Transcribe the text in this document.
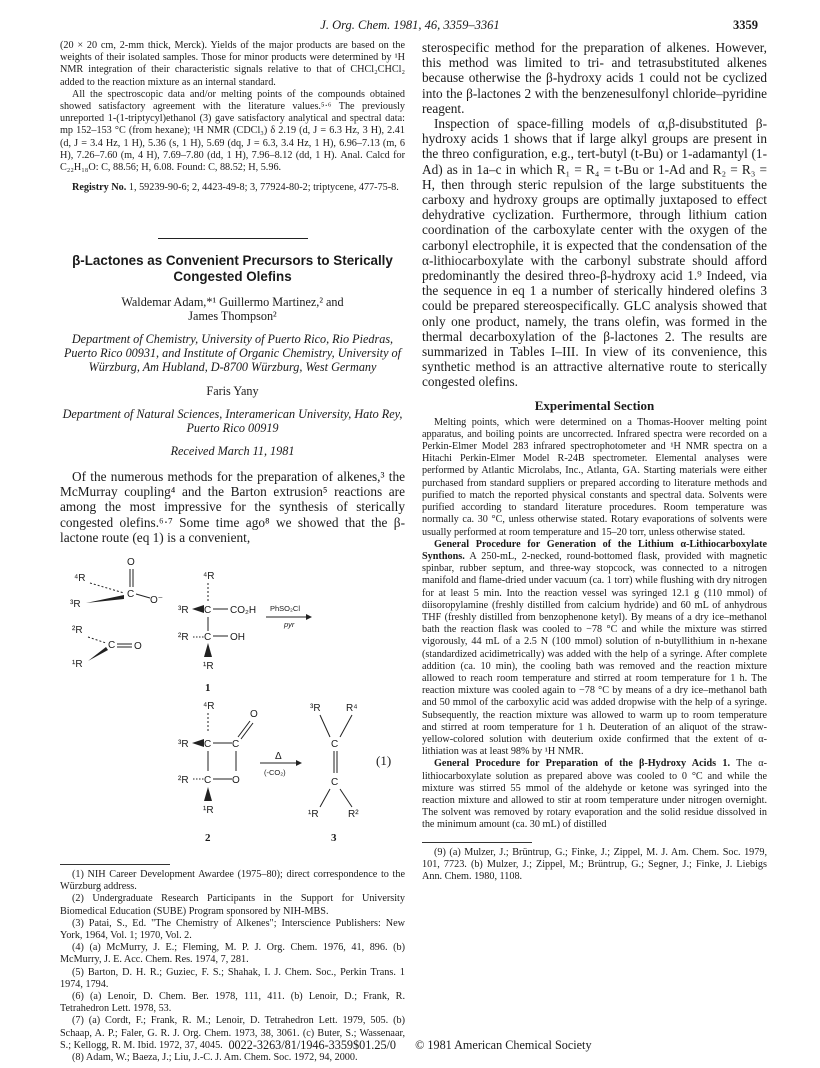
J. Org. Chem. 1981, 46, 3359–3361	3359

(20 × 20 cm, 2-mm thick, Merck). Yields of the major products are based on the weights of their isolated samples. Those for minor products were determined by ¹H NMR integration of their characteristic signals relative to that of CHCl₂CHCl₂ added to the reaction mixture as an internal standard.

All the spectroscopic data and/or melting points of the compounds obtained showed satisfactory agreement with the literature values.⁵·⁶ The previously unreported 1-(1-triptycyl)ethanol (3) gave satisfactory analytical and spectral data: mp 152–153 °C (from hexane); ¹H NMR (CDCl₃) δ 2.19 (d, J = 6.3 Hz, 3 H), 2.41 (d, J = 3.4 Hz, 1 H), 5.36 (s, 1 H), 5.69 (dq, J = 6.3, 3.4 Hz, 1 H), 6.96–7.13 (m, 6 H), 7.26–7.60 (m, 4 H), 7.69–7.80 (dd, 1 H), 7.96–8.12 (dd, 1 H). Anal. Calcd for C₂₂H₁₈O: C, 88.56; H, 6.08. Found: C, 88.52; H, 5.96.

Registry No. 1, 59239-90-6; 2, 4423-49-8; 3, 77924-80-2; triptycene, 477-75-8.

β-Lactones as Convenient Precursors to Sterically Congested Olefins
Waldemar Adam,*¹ Guillermo Martinez,² and
James Thompson²
Department of Chemistry, University of Puerto Rico, Rio Piedras, Puerto Rico 00931, and Institute of Organic Chemistry, University of Würzburg, Am Hubland, D-8700 Würzburg, West Germany
Faris Yany
Department of Natural Sciences, Interamerican University, Hato Rey, Puerto Rico 00919
Received March 11, 1981

Of the numerous methods for the preparation of alkenes,³ the McMurray coupling⁴ and the Barton extrusion⁵ reactions are among the most impressive for the synthesis of sterically congested olefins.⁶·⁷ Some time ago⁸ we showed that the β-lactone route (eq 1) is a convenient,

O
C
⁴R
O⁻
³R
²R
C O
¹R
⁴R
³R C CO₂H PhSO₂Cl
pyr
²R C OH
¹R
1
⁴R
³R C C
O
²R C O
¹R
2
Δ
(-CO₂)
³R	R⁴
C
C
¹R	R²
3
(1)

(1) NIH Career Development Awardee (1975–80); direct correspondence to the Würzburg address.

(2) Undergraduate Research Participants in the Support for University Biomedical Education (SUBE) Program sponsored by NIH-MBS.

(3) Patai, S., Ed. "The Chemistry of Alkenes"; Interscience Publishers: New York, 1964, Vol. 1; 1970, Vol. 2.

(4) (a) McMurry, J. E.; Fleming, M. P. J. Org. Chem. 1976, 41, 896. (b) McMurry, J. E. Acc. Chem. Res. 1974, 7, 281.

(5) Barton, D. H. R.; Guziec, F. S.; Shahak, I. J. Chem. Soc., Perkin Trans. 1 1974, 1794.

(6) (a) Lenoir, D. Chem. Ber. 1978, 111, 411. (b) Lenoir, D.; Frank, R. Tetrahedron Lett. 1978, 53.

(7) (a) Cordt, F.; Frank, R. M.; Lenoir, D. Tetrahedron Lett. 1979, 505. (b) Schaap, A. P.; Faler, G. R. J. Org. Chem. 1973, 38, 3061. (c) Buter, S.; Wassenaar, S.; Kellogg, R. M. Ibid. 1972, 37, 4045.

(8) Adam, W.; Baeza, J.; Liu, J.-C. J. Am. Chem. Soc. 1972, 94, 2000.

sterospecific method for the preparation of alkenes. However, this method was limited to tri- and tetrasubstituted alkenes because otherwise the β-hydroxy acids 1 could not be cyclized into the β-lactones 2 with the benzenesulfonyl chloride–pyridine reagent.

Inspection of space-filling models of α,β-disubstituted β-hydroxy acids 1 shows that if large alkyl groups are present in the threo configuration, e.g., tert-butyl (t-Bu) or 1-adamantyl (1-Ad) as in 1a–c in which R₁ = R₄ = t-Bu or 1-Ad and R₂ = R₃ = H, then through steric repulsion of the large substituents the carboxy and hydroxy groups are optimally juxtaposed to effect dehydrative cyclization. Furthermore, through lithium cation coordination of the carboxylate center with the oxygen of the carbonyl electrophile, it is expected that the condensation of the α-lithiocarboxylate with the carbonyl substrate should afford predominantly the desired threo-β-hydroxy acid 1.⁹ Indeed, via the sequence in eq 1 a number of sterically hindered olefins 3 could be prepared stereospecifically. GLC analysis showed that only one product, namely, the trans olefin, was formed in the thermal decarboxylation of the β-lactones 2. The results are summarized in Tables I–III. In view of its convenience, this synthetic method is an attractive alternative route to sterically congested olefins.

Experimental Section

Melting points, which were determined on a Thomas-Hoover melting point apparatus, and boiling points are uncorrected. Infrared spectra were recorded on a Perkin-Elmer Model 283 infrared spectrophotometer and ¹H NMR spectra on a Hitachi Perkin-Elmer Model R-24B spectrometer. Elemental analyses were performed by Atlantic Microlabs, Inc., Atlanta, GA. Starting materials were either purchased from standard suppliers or prepared according to literature methods and purified to match the reported physical constants and spectral data. Solvents were purified according to standard literature procedures. Room temperature was normally ca. 30 °C, unless otherwise stated. Rotary evaporations of solvents were usually performed at room temperature and 15–20 torr, unless otherwise stated.

General Procedure for Generation of the Lithium α-Lithiocarboxylate Synthons. A 250-mL, 2-necked, round-bottomed flask, provided with magnetic spinbar, rubber septum, and three-way stopcock, was connected to a nitrogen manifold and flame-dried under vacuum (ca. 1 torr) while flushing with dry nitrogen for at least 5 min. Into the reaction vessel was syringed 12.1 g (110 mmol) of diisoropylamine (freshly distilled from calcium hydride) and 60 mL of anhydrous THF (freshly distilled from benzophenone ketyl). By means of a dry ice–methanol bath the reaction flask was cooled to −78 °C and while the mixture was stirred vigorously, 44 mL of a 2.5 N (100 mmol) solution of n-butyllithium in n-hexane (standardized acidimetrically) was added with the help of a syringe. After complete addition (ca. 10 min), the cooling bath was removed and the reaction mixture allowed to reach room temperature and stirred at room temperature for 1 h. The reaction mixture was cooled again to −78 °C by means of a dry ice–methanol bath and 50 mmol of the carboxylic acid was added dropwise with the help of a syringe. Subsequently, the reaction mixture was allowed to warm up to room temperature and stirred at room temperature for 1 h. Deuteration of an aliquot of the straw-yellow-colored solution with deuterium oxide confirmed that the extent of α-lithiation was at least 98% by ¹H NMR.

General Procedure for Preparation of the β-Hydroxy Acids 1. The α-lithiocarboxylate solution as prepared above was cooled to 0 °C and while the mixture was stirred 55 mmol of the aldehyde or ketone was syringed into the reaction mixture and allowed to stir at room temperature under nitrogen overnight. The solvent was removed by rotary evaporation and the solid residue dissolved in the minimum amount (ca. 30 mL) of distilled

(9) (a) Mulzer, J.; Brüntrup, G.; Finke, J.; Zippel, M. J. Am. Chem. Soc. 1979, 101, 7723. (b) Mulzer, J.; Zippel, M.; Brüntrup, G.; Segner, J.; Finke, J. Liebigs Ann. Chem. 1980, 1108.

0022-3263/81/1946-3359$01.25/0 © 1981 American Chemical Society
